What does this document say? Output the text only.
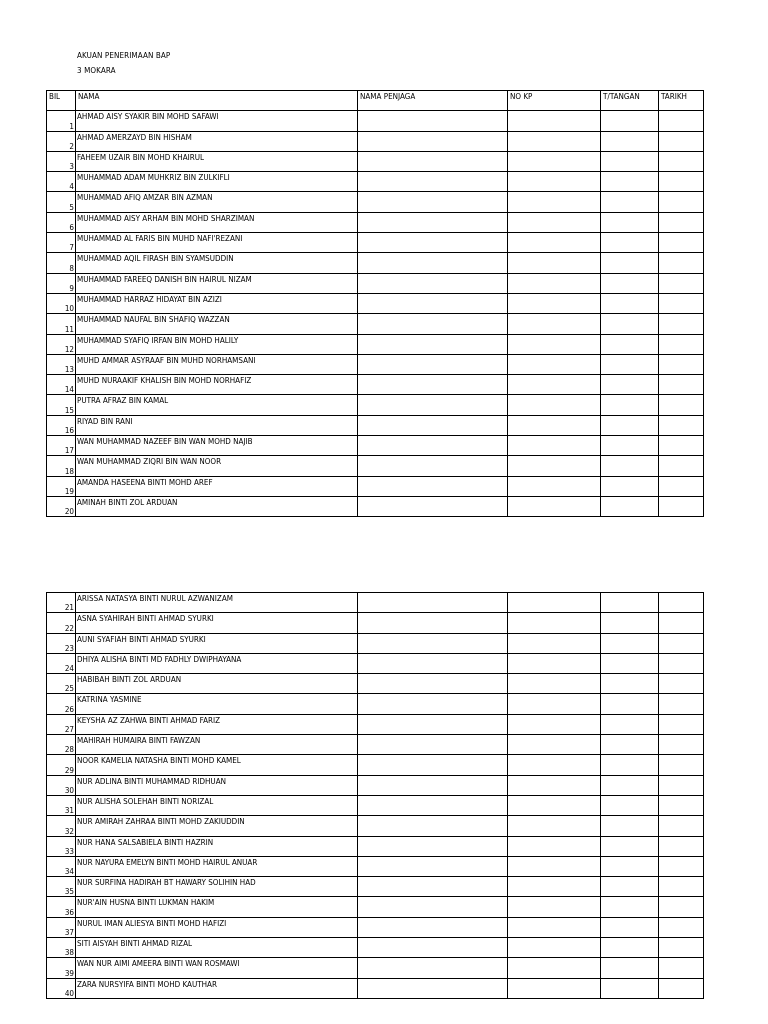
AKUAN PENERIMAAN BAP
3 MOKARA
BIL	NAMA	NAMA PENJAGA	NO KP	T/TANGAN	TARIKH
1	AHMAD AISY SYAKIR BIN MOHD SAFAWI				
2	AHMAD AMERZAYD BIN HISHAM				
3	FAHEEM UZAIR BIN MOHD KHAIRUL				
4	MUHAMMAD ADAM MUHKRIZ BIN ZULKIFLI				
5	MUHAMMAD AFIQ AMZAR BIN AZMAN				
6	MUHAMMAD AISY ARHAM BIN MOHD SHARZIMAN				
7	MUHAMMAD AL FARIS BIN MUHD NAFI'REZANI				
8	MUHAMMAD AQIL FIRASH BIN SYAMSUDDIN				
9	MUHAMMAD FAREEQ DANISH BIN HAIRUL NIZAM				
10	MUHAMMAD HARRAZ HIDAYAT BIN AZIZI				
11	MUHAMMAD NAUFAL BIN SHAFIQ WAZZAN				
12	MUHAMMAD SYAFIQ IRFAN BIN MOHD HALILY				
13	MUHD AMMAR ASYRAAF BIN MUHD NORHAMSANI				
14	MUHD NURAAKIF KHALISH BIN MOHD NORHAFIZ				
15	PUTRA AFRAZ BIN KAMAL				
16	RIYAD BIN RANI				
17	WAN MUHAMMAD NAZEEF BIN WAN MOHD NAJIB				
18	WAN MUHAMMAD ZIQRI BIN WAN NOOR				
19	AMANDA HASEENA BINTI MOHD AREF				
20	AMINAH BINTI ZOL ARDUAN				
21	ARISSA NATASYA BINTI NURUL AZWANIZAM				
22	ASNA SYAHIRAH BINTI AHMAD SYURKI				
23	AUNI SYAFIAH BINTI AHMAD SYURKI				
24	DHIYA ALISHA BINTI MD FADHLY DWIPHAYANA				
25	HABIBAH BINTI ZOL ARDUAN				
26	KATRINA YASMINE				
27	KEYSHA AZ ZAHWA BINTI AHMAD FARIZ				
28	MAHIRAH HUMAIRA BINTI FAWZAN				
29	NOOR KAMELIA NATASHA BINTI MOHD KAMEL				
30	NUR ADLINA BINTI MUHAMMAD RIDHUAN				
31	NUR ALISHA SOLEHAH BINTI NORIZAL				
32	NUR AMIRAH ZAHRAA BINTI MOHD ZAKIUDDIN				
33	NUR HANA SALSABIELA BINTI HAZRIN				
34	NUR NAYURA EMELYN BINTI MOHD HAIRUL ANUAR				
35	NUR SURFINA HADIRAH BT HAWARY SOLIHIN HAD				
36	NUR'AIN HUSNA BINTI LUKMAN HAKIM				
37	NURUL IMAN ALIESYA BINTI MOHD HAFIZI				
38	SITI AISYAH BINTI AHMAD RIZAL				
39	WAN NUR AIMI AMEERA BINTI WAN ROSMAWI				
40	ZARA NURSYIFA BINTI MOHD KAUTHAR				
